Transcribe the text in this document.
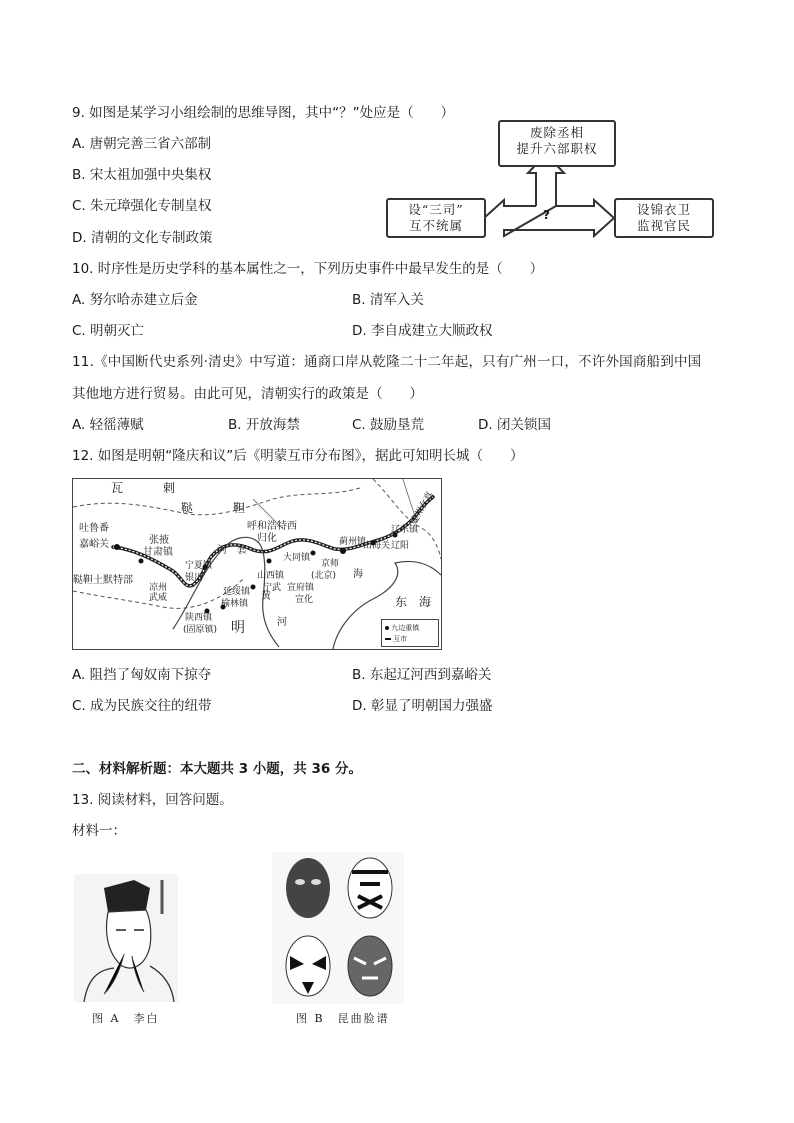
9. 如图是某学习小组绘制的思维导图，其中“？”处应是（　　）
A. 唐朝完善三省六部制
B. 宋太祖加强中央集权
C. 朱元璋强化专制皇权
D. 清朝的文化专制政策
废除丞相
提升六部职权
设“三司”
互不统属
?	设锦衣卫
监视官民
10. 时序性是历史学科的基本属性之一，下列历史事件中最早发生的是（　　）
A. 努尔哈赤建立后金	B. 清军入关
C. 明朝灭亡	D. 李自成建立大顺政权
11.《中国断代史系列·清史》中写道：通商口岸从乾隆二十二年起，只有广州一口，不许外国商船到中国
其他地方进行贸易。由此可见，清朝实行的政策是（　　）
A. 轻徭薄赋	B. 开放海禁	C. 鼓励垦荒	D. 闭关锁国
12. 如图是明朝“隆庆和议”后《明蒙互市分布图》，据此可知明长城（　　）
瓦	剌
鞑	靼
吐鲁番
嘉峪关	张掖
甘肃镇
呼和浩特西
归化
河　套
宁夏镇
银川
凉州
武威
鞑靼土默特部
大同镇
山西镇
宁武 宣府镇
宣化
(北京)
京师
蓟州镇
山海关
辽东镇
辽阳
建州女真
延绥镇
榆林镇
陕西镇
(固原镇) 明
黄
河
海
东　海
九边重镇
互市
A. 阻挡了匈奴南下掠夺	B. 东起辽河西到嘉峪关
C. 成为民族交往的纽带	D. 彰显了明朝国力强盛
二、材料解析题：本大题共 3 小题，共 36 分。
13. 阅读材料，回答问题。
材料一：
图 A　李白	图 B　昆曲脸谱
